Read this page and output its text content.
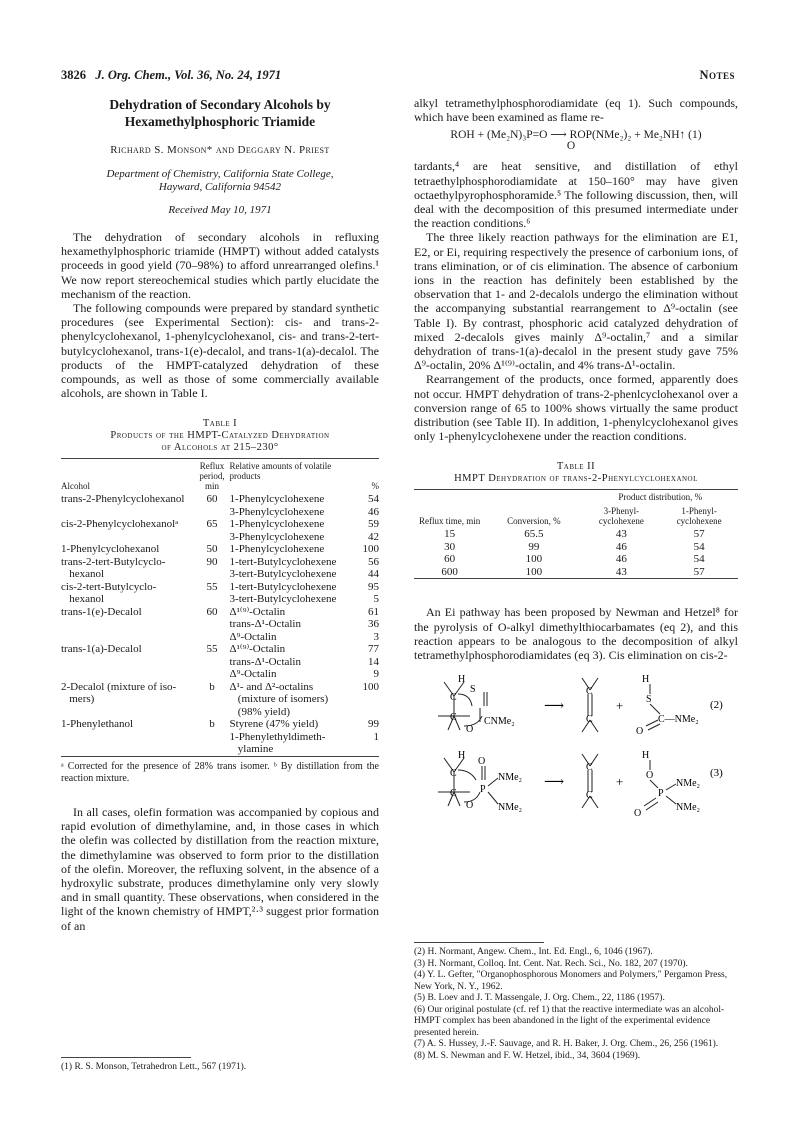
3826 J. Org. Chem., Vol. 36, No. 24, 1971	Notes
Dehydration of Secondary Alcohols by
Hexamethylphosphoric Triamide
Richard S. Monson* and Deggary N. Priest
Department of Chemistry, California State College,
Hayward, California 94542
Received May 10, 1971

The dehydration of secondary alcohols in refluxing hexamethylphosphoric triamide (HMPT) without added catalysts proceeds in good yield (70–98%) to afford unrearranged olefins.¹ We now report stereochemical studies which partly elucidate the mechanism of the reaction.

The following compounds were prepared by standard synthetic procedures (see Experimental Section): cis- and trans-2-phenylcyclohexanol, 1-phenylcyclohexanol, cis- and trans-2-tert-butylcyclohexanol, trans-1(e)-decalol, and trans-1(a)-decalol. The products of the HMPT-catalyzed dehydration of these compounds, as well as those of some commercially available alcohols, are shown in Table I.

Table I
Products of the HMPT-Catalyzed Dehydration
of Alcohols at 215–230°
Alcohol	Reflux period, min	Relative amounts of volatile products	%
trans-2-Phenylcyclohexanol	60	1-Phenylcyclohexene	54
		3-Phenylcyclohexene	46
cis-2-Phenylcyclohexanolᵃ	65	1-Phenylcyclohexene	59
		3-Phenylcyclohexene	42
1-Phenylcyclohexanol	50	1-Phenylcyclohexene	100
trans-2-tert-Butylcyclo-	90	1-tert-Butylcyclohexene	56
hexanol		3-tert-Butylcyclohexene	44
cis-2-tert-Butylcyclo-	55	1-tert-Butylcyclohexene	95
hexanol		3-tert-Butylcyclohexene	5
trans-1(e)-Decalol	60	Δ¹⁽⁹⁾-Octalin	61
		trans-Δ¹-Octalin	36
		Δ⁹-Octalin	3
trans-1(a)-Decalol	55	Δ¹⁽⁹⁾-Octalin	77
		trans-Δ¹-Octalin	14
		Δ⁹-Octalin	9
2-Decalol (mixture of iso-	b	Δ¹- and Δ²-octalins	100
mers)		(mixture of isomers)	
		(98% yield)	
1-Phenylethanol	b	Styrene (47% yield)	99
		1-Phenylethyldimeth-	1
		ylamine	
ᵃ Corrected for the presence of 28% trans isomer. ᵇ By distillation from the reaction mixture.

In all cases, olefin formation was accompanied by copious and rapid evolution of dimethylamine, and, in those cases in which the olefin was collected by distillation from the reaction mixture, the dimethylamine was observed to form prior to the distillation of the olefin. Moreover, the refluxing solvent, in the absence of a hydroxylic substrate, produces dimethylamine only very slowly and in small quantity. These observations, when considered in the light of the known chemistry of HMPT,²·³ suggest prior formation of an

(1) R. S. Monson, Tetrahedron Lett., 567 (1971).

alkyl tetramethylphosphorodiamidate (eq 1). Such compounds, which have been examined as flame re-

ROH + (Me₂N)₃P=O ⟶ ROP(NMe₂)₂ + Me₂NH↑ (1)
O

tardants,⁴ are heat sensitive, and distillation of ethyl tetraethylphosphorodiamidate at 150–160° may have given octaethylpyrophosphoramide.⁵ The following discussion, then, will deal with the decomposition of this presumed intermediate under the reaction conditions.⁶

The three likely reaction pathways for the elimination are E1, E2, or Ei, requiring respectively the presence of carbonium ions, of trans elimination, or of cis elimination. The absence of carbonium ions in the reaction has definitely been established by the observation that 1- and 2-decalols undergo the elimination without the accompanying substantial rearrangement to Δ⁹-octalin (see Table I). By contrast, phosphoric acid catalyzed dehydration of mixed 2-decalols gives mainly Δ⁹-octalin,⁷ and a similar dehydration of trans-1(a)-decalol in the present study gave 75% Δ⁹-octalin, 20% Δ¹⁽⁹⁾-octalin, and 4% trans-Δ¹-octalin.

Rearrangement of the products, once formed, apparently does not occur. HMPT dehydration of trans-2-phenlcyclohexanol over a conversion range of 65 to 100% shows virtually the same product distribution (see Table II). In addition, 1-phenylcyclohexanol gives only 1-phenylcyclohexene under the reaction conditions.

Table II
HMPT Dehydration of trans-2-Phenylcyclohexanol
Reflux time, min	Conversion, %	Product distribution, %	
		3-Phenyl-cyclohexene	1-Phenyl-cyclohexene
15	65.5	43	57
30	99	46	54
60	100	46	54
600	100	43	57

An Ei pathway has been proposed by Newman and Hetzel⁸ for the pyrolysis of O-alkyl dimethylthiocarbamates (eq 2), and this reaction appears to be analogous to the decomposition of alkyl tetramethylphosphorodiamidates (eq 3). Cis elimination on cis-2-

H
S
C
C
O
CNMe₂
⟶
C
C
+
H
S
O
C—NMe₂
(2)
H
O
C
C
O
P
NMe₂
NMe₂
⟶
C
C
+
H
O
P
O
NMe₂
NMe₂
(3)

(2) H. Normant, Angew. Chem., Int. Ed. Engl., 6, 1046 (1967).

(3) H. Normant, Colloq. Int. Cent. Nat. Rech. Sci., No. 182, 207 (1970).

(4) Y. L. Gefter, "Organophosphorous Monomers and Polymers," Pergamon Press, New York, N. Y., 1962.

(5) B. Loev and J. T. Massengale, J. Org. Chem., 22, 1186 (1957).

(6) Our original postulate (cf. ref 1) that the reactive intermediate was an alcohol-HMPT complex has been abandoned in the light of the experimental evidence presented herein.

(7) A. S. Hussey, J.-F. Sauvage, and R. H. Baker, J. Org. Chem., 26, 256 (1961).

(8) M. S. Newman and F. W. Hetzel, ibid., 34, 3604 (1969).
